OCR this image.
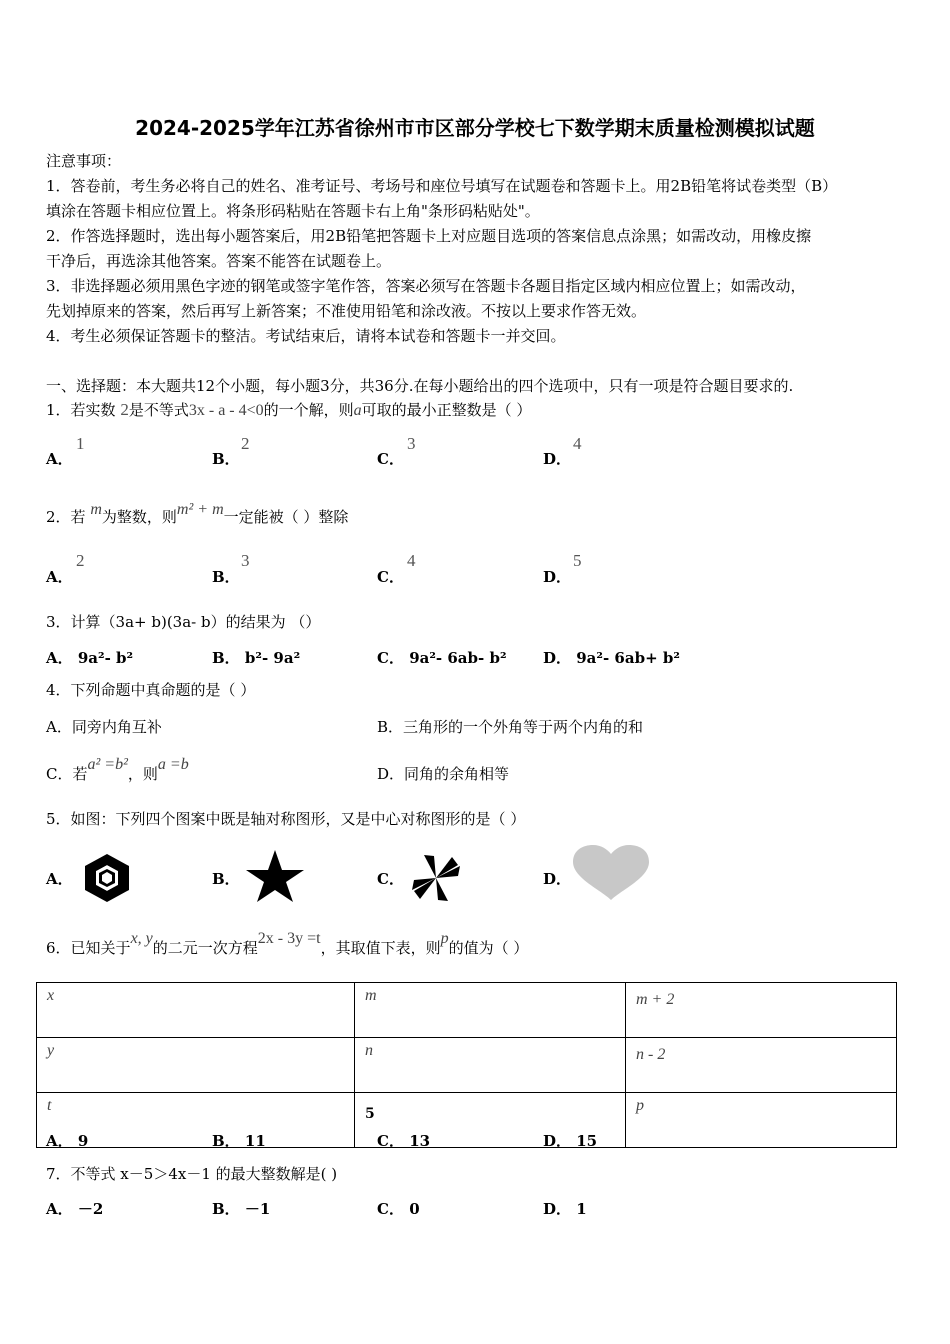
2024-2025学年江苏省徐州市市区部分学校七下数学期末质量检测模拟试题
注意事项：
1．答卷前，考生务必将自己的姓名、准考证号、考场号和座位号填写在试题卷和答题卡上。用2B铅笔将试卷类型（B）
填涂在答题卡相应位置上。将条形码粘贴在答题卡右上角"条形码粘贴处"。
2．作答选择题时，选出每小题答案后，用2B铅笔把答题卡上对应题目选项的答案信息点涂黑；如需改动，用橡皮擦
干净后，再选涂其他答案。答案不能答在试题卷上。
3．非选择题必须用黑色字迹的钢笔或签字笔作答，答案必须写在答题卡各题目指定区域内相应位置上；如需改动，
先划掉原来的答案，然后再写上新答案；不准使用铅笔和涂改液。不按以上要求作答无效。
4．考生必须保证答题卡的整洁。考试结束后，请将本试卷和答题卡一并交回。
一、选择题：本大题共12个小题，每小题3分，共36分.在每小题给出的四个选项中，只有一项是符合题目要求的.
1．若实数 2是不等式3x - a - 4<0的一个解，则a可取的最小正整数是（ ）
A．
1
B．
2
C．
3
D．
4
2．若 m为整数，则m² + m一定能被（ ）整除
A．
2
B．
3
C．
4
D．
5
3．计算（3a+ b)(3a- b）的结果为 （）
A． 9a²- b²	B． b²- 9a²	C． 9a²- 6ab- b² D． 9a²- 6ab+ b²
4．下列命题中真命题的是（ ）
A．同旁内角互补	B．三角形的一个外角等于两个内角的和
C．若a² =b²，则a =b
D．同角的余角相等
5．如图：下列四个图案中既是轴对称图形，又是中心对称图形的是（ ）
A．	B．	C．	D．
6．已知关于x, y的二元一次方程2x - 3y =t，其取值下表，则p的值为（ ）
x	m	m + 2
y	n	n - 2
t	5	p
A． 9	B． 11	C． 13	D． 15
7．不等式 x－5＞4x－1 的最大整数解是( )
A． －2	B． －1	C． 0	D． 1
